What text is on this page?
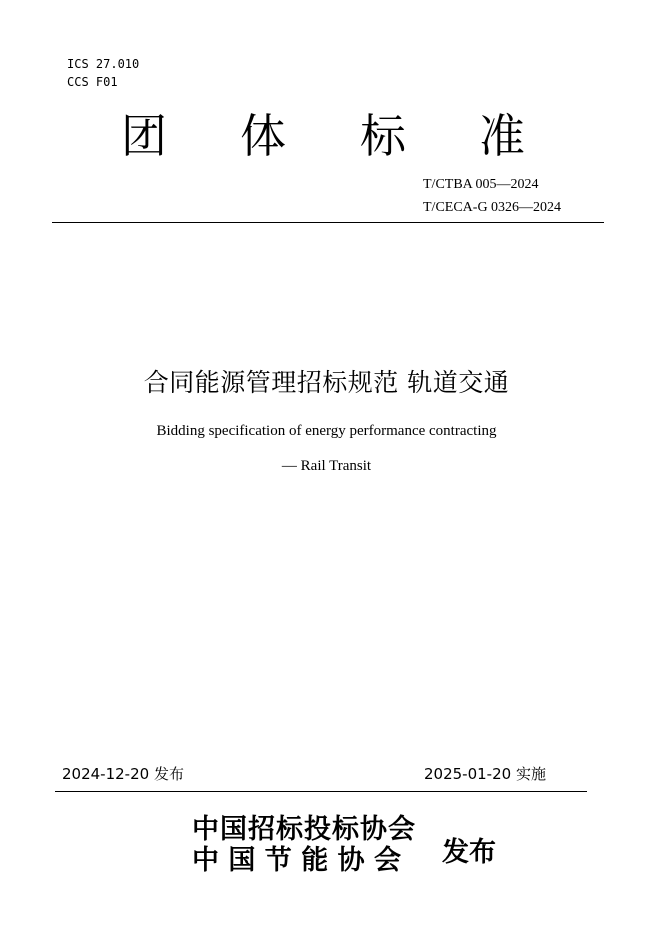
ICS 27.010
CCS F01
团 体 标 准
T/CTBA 005—2024
T/CECA-G 0326—2024
合同能源管理招标规范 轨道交通
Bidding specification of energy performance contracting
— Rail Transit
2024-12-20 发布	2025-01-20 实施
中国招标投标协会
中 国 节 能 协 会 发布
